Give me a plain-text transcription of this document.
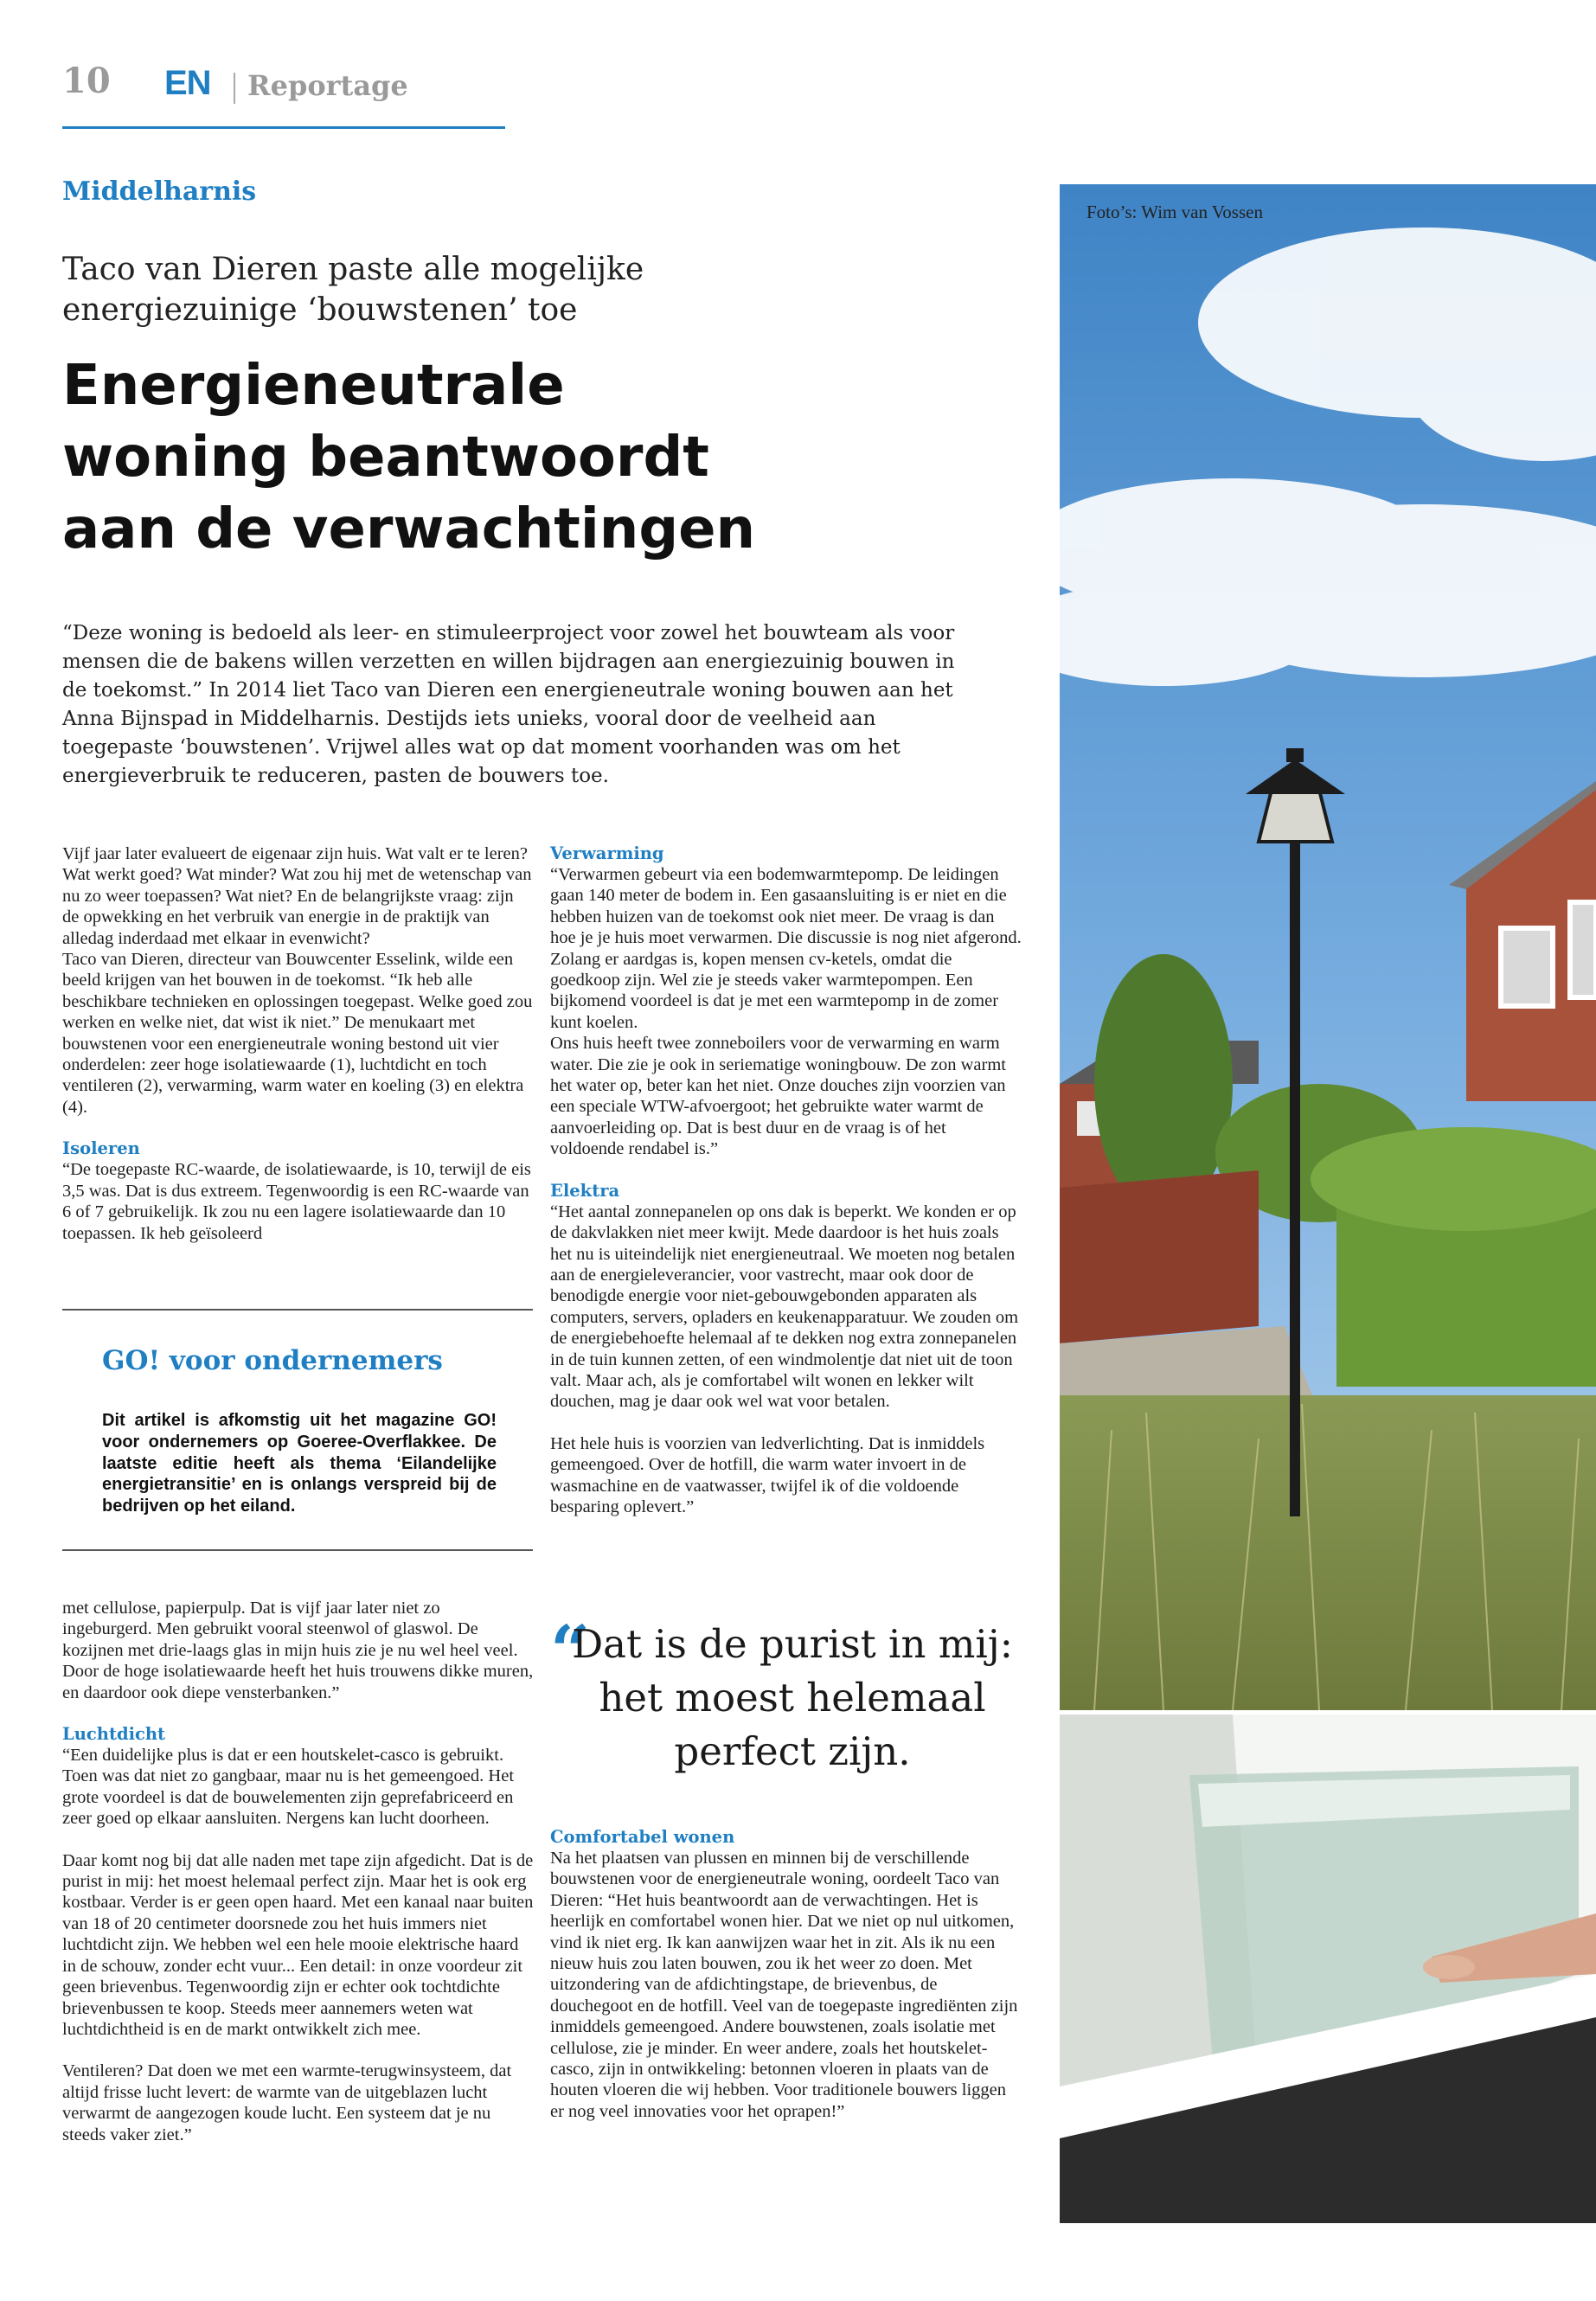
10 EN Reportage
Middelharnis
Taco van Dieren paste alle mogelijke energiezuinige ‘bouwstenen’ toe
Energieneutrale woning beantwoordt aan de verwachtingen
“Deze woning is bedoeld als leer- en stimuleerproject voor zowel het bouwteam als voor mensen die de bakens willen verzetten en willen bijdragen aan energiezuinig bouwen in de toekomst.” In 2014 liet Taco van Dieren een energieneutrale woning bouwen aan het Anna Bijnspad in Middelharnis. Destijds iets unieks, vooral door de veelheid aan toegepaste ‘bouwstenen’. Vrijwel alles wat op dat moment voorhanden was om het energieverbruik te reduceren, pasten de bouwers toe.

Vijf jaar later evalueert de eigenaar zijn huis. Wat valt er te leren? Wat werkt goed? Wat minder? Wat zou hij met de wetenschap van nu zo weer toepassen? Wat niet? En de belangrijkste vraag: zijn de opwekking en het verbruik van energie in de praktijk van alledag inderdaad met elkaar in evenwicht?

Taco van Dieren, directeur van Bouwcenter Esselink, wilde een beeld krijgen van het bouwen in de toekomst. “Ik heb alle beschikbare technieken en oplossingen toegepast. Welke goed zou werken en welke niet, dat wist ik niet.” De menukaart met bouwstenen voor een energieneutrale woning bestond uit vier onderdelen: zeer hoge isolatiewaarde (1), luchtdicht en toch ventileren (2), verwarming, warm water en koeling (3) en elektra (4).

Isoleren

“De toegepaste RC-waarde, de isolatiewaarde, is 10, terwijl de eis 3,5 was. Dat is dus extreem. Tegenwoordig is een RC-waarde van 6 of 7 gebruikelijk. Ik zou nu een lagere isolatiewaarde dan 10 toepassen. Ik heb geïsoleerd

GO! voor ondernemers
Dit artikel is afkomstig uit het magazine GO! voor ondernemers op Goeree-Overflakkee. De laatste editie heeft als thema ‘Eilandelijke energietransitie’ en is onlangs verspreid bij de bedrijven op het eiland.

met cellulose, papierpulp. Dat is vijf jaar later niet zo ingeburgerd. Men gebruikt vooral steenwol of glaswol. De kozijnen met drie-laags glas in mijn huis zie je nu wel heel veel. Door de hoge isolatiewaarde heeft het huis trouwens dikke muren, en daardoor ook diepe vensterbanken.”

Luchtdicht

“Een duidelijke plus is dat er een houtskelet-casco is gebruikt. Toen was dat niet zo gangbaar, maar nu is het gemeengoed. Het grote voordeel is dat de bouwelementen zijn geprefabriceerd en zeer goed op elkaar aansluiten. Nergens kan lucht doorheen.

Daar komt nog bij dat alle naden met tape zijn afgedicht. Dat is de purist in mij: het moest helemaal perfect zijn. Maar het is ook erg kostbaar. Verder is er geen open haard. Met een kanaal naar buiten van 18 of 20 centimeter doorsnede zou het huis immers niet luchtdicht zijn. We hebben wel een hele mooie elektrische haard in de schouw, zonder echt vuur... Een detail: in onze voordeur zit geen brievenbus. Tegenwoordig zijn er echter ook tochtdichte brievenbussen te koop. Steeds meer aannemers weten wat luchtdichtheid is en de markt ontwikkelt zich mee.

Ventileren? Dat doen we met een warmte-terugwinsysteem, dat altijd frisse lucht levert: de warmte van de uitgeblazen lucht verwarmt de aangezogen koude lucht. Een systeem dat je nu steeds vaker ziet.”

Verwarming

“Verwarmen gebeurt via een bodemwarmtepomp. De leidingen gaan 140 meter de bodem in. Een gasaansluiting is er niet en die hebben huizen van de toekomst ook niet meer. De vraag is dan hoe je je huis moet verwarmen. Die discussie is nog niet afgerond. Zolang er aardgas is, kopen mensen cv-ketels, omdat die goedkoop zijn. Wel zie je steeds vaker warmtepompen. Een bijkomend voordeel is dat je met een warmtepomp in de zomer kunt koelen.

Ons huis heeft twee zonneboilers voor de verwarming en warm water. Die zie je ook in seriematige woningbouw. De zon warmt het water op, beter kan het niet. Onze douches zijn voorzien van een speciale WTW-afvoergoot; het gebruikte water warmt de aanvoerleiding op. Dat is best duur en de vraag is of het voldoende rendabel is.”

Elektra

“Het aantal zonnepanelen op ons dak is beperkt. We konden er op de dakvlakken niet meer kwijt. Mede daardoor is het huis zoals het nu is uiteindelijk niet energieneutraal. We moeten nog betalen aan de energieleverancier, voor vastrecht, maar ook door de benodigde energie voor niet-gebouwgebonden apparaten als computers, servers, opladers en keukenapparatuur. We zouden om de energiebehoefte helemaal af te dekken nog extra zonnepanelen in de tuin kunnen zetten, of een windmolentje dat niet uit de toon valt. Maar ach, als je comfortabel wilt wonen en lekker wilt douchen, mag je daar ook wel wat voor betalen.

Het hele huis is voorzien van ledverlichting. Dat is inmiddels gemeengoed. Over de hotfill, die warm water invoert in de wasmachine en de vaatwasser, twijfel ik of die voldoende besparing oplevert.”

“
Dat is de purist in mij: het moest helemaal perfect zijn.
Comfortabel wonen

Na het plaatsen van plussen en minnen bij de verschillende bouwstenen voor de energieneutrale woning, oordeelt Taco van Dieren: “Het huis beantwoordt aan de verwachtingen. Het is heerlijk en comfortabel wonen hier. Dat we niet op nul uitkomen, vind ik niet erg. Ik kan aanwijzen waar het in zit. Als ik nu een nieuw huis zou laten bouwen, zou ik het weer zo doen. Met uitzondering van de afdichtingstape, de brievenbus, de douchegoot en de hotfill. Veel van de toegepaste ingrediënten zijn inmiddels gemeengoed. Andere bouwstenen, zoals isolatie met cellulose, zie je minder. En weer andere, zoals het houtskelet-casco, zijn in ontwikkeling: betonnen vloeren in plaats van de houten vloeren die wij hebben. Voor traditionele bouwers liggen er nog veel innovaties voor het oprapen!”

Foto’s: Wim van Vossen
